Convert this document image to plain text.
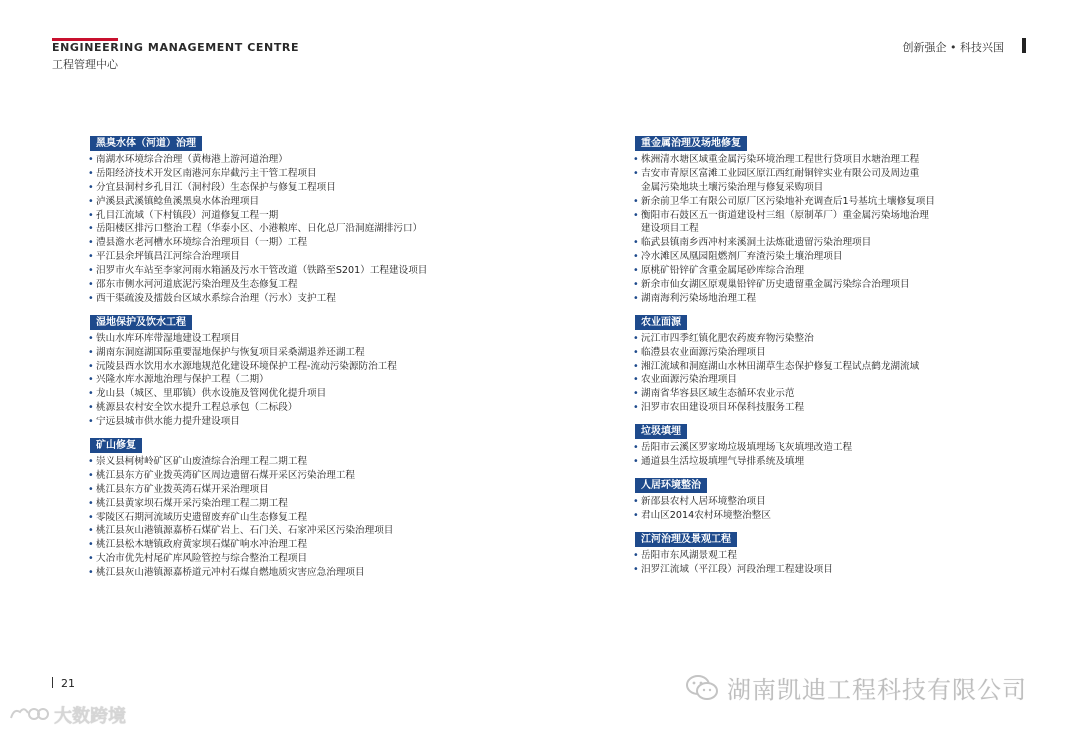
ENGINEERING MANAGEMENT CENTRE
工程管理中心
创新强企 • 科技兴国
黑臭水体（河道）治理
• 南湖水环境综合治理（黄梅港上游河道治理）
• 岳阳经济技术开发区南港河东岸截污主干管工程项目
• 分宜县洞村乡孔目江（洞村段）生态保护与修复工程项目
• 泸溪县武溪镇鲶鱼溪黑臭水体治理项目
• 孔目江流域（下村镇段）河道修复工程一期
• 岳阳楼区排污口整治工程（华泰小区、小港粮库、日化总厂沿洞庭湖排污口）
• 澧县澹水老河槽水环境综合治理项目（一期）工程
• 平江县余坪镇昌江河综合治理项目
• 汨罗市火车站至李家河雨水箱涵及污水干管改道（铁路至S201）工程建设项目
• 邵东市侧水河河道底泥污染治理及生态修复工程
• 西干渠疏浚及擂鼓台区域水系综合治理（污水）支护工程
湿地保护及饮水工程
• 铁山水库环库带湿地建设工程项目
• 湖南东洞庭湖国际重要湿地保护与恢复项目采桑湖退养还湖工程
• 沅陵县酉水饮用水水源地规范化建设环境保护工程-流动污染源防治工程
• 兴隆水库水源地治理与保护工程（二期）
• 龙山县（城区、里耶镇）供水设施及管网优化提升项目
• 桃源县农村安全饮水提升工程总承包（二标段）
• 宁远县城市供水能力提升建设项目
矿山修复
• 崇义县柯树岭矿区矿山废渣综合治理工程二期工程
• 桃江县东方矿业拨英湾矿区周边遗留石煤开采区污染治理工程
• 桃江县东方矿业拨英湾石煤开采治理项目
• 桃江县黄家坝石煤开采污染治理工程二期工程
• 零陵区石期河流域历史遗留废弃矿山生态修复工程
• 桃江县灰山港镇源嘉桥石煤矿岩上、石门关、石家冲采区污染治理项目
• 桃江县松木塘镇政府黄家坝石煤矿响水冲治理工程
• 大冶市优先村尾矿库风险管控与综合整治工程项目
• 桃江县灰山港镇源嘉桥道元冲村石煤自燃地质灾害应急治理项目
重金属治理及场地修复
• 株洲清水塘区域重金属污染环境治理工程世行贷项目水塘治理工程
• 吉安市青原区富滩工业园区原江西红耐铜锌实业有限公司及周边重
金属污染地块土壤污染治理与修复采购项目
• 新余前卫华工有限公司原厂区污染地补充调查后1号基坑土壤修复项目
• 衡阳市石鼓区五一街道建设村三组（原制革厂）重金属污染场地治理
建设项目工程
• 临武县镇南乡西冲村来溪洞土法炼砒遗留污染治理项目
• 冷水滩区凤凰园阻燃剂厂弃渣污染土壤治理项目
• 原桃矿铅锌矿含重金属尾砂库综合治理
• 新余市仙女湖区原观巢铅锌矿历史遗留重金属污染综合治理项目
• 湖南海利污染场地治理工程
农业面源
• 沅江市四季红镇化肥农药废弃物污染整治
• 临澧县农业面源污染治理项目
• 湘江流域和洞庭湖山水林田湖草生态保护修复工程试点鹤龙湖流域
• 农业面源污染治理项目
• 湖南省华容县区域生态循环农业示范
• 汨罗市农田建设项目环保科技服务工程
垃圾填埋
• 岳阳市云溪区罗家坳垃圾填埋场飞灰填埋改造工程
• 通道县生活垃圾填埋气导排系统及填埋
人居环境整治
• 新邵县农村人居环境整治项目
• 君山区2014农村环境整治整区
江河治理及景观工程
• 岳阳市东风湖景观工程
• 汨罗江流域（平江段）河段治理工程建设项目
21	湖南凯迪工程科技有限公司
大数跨境
